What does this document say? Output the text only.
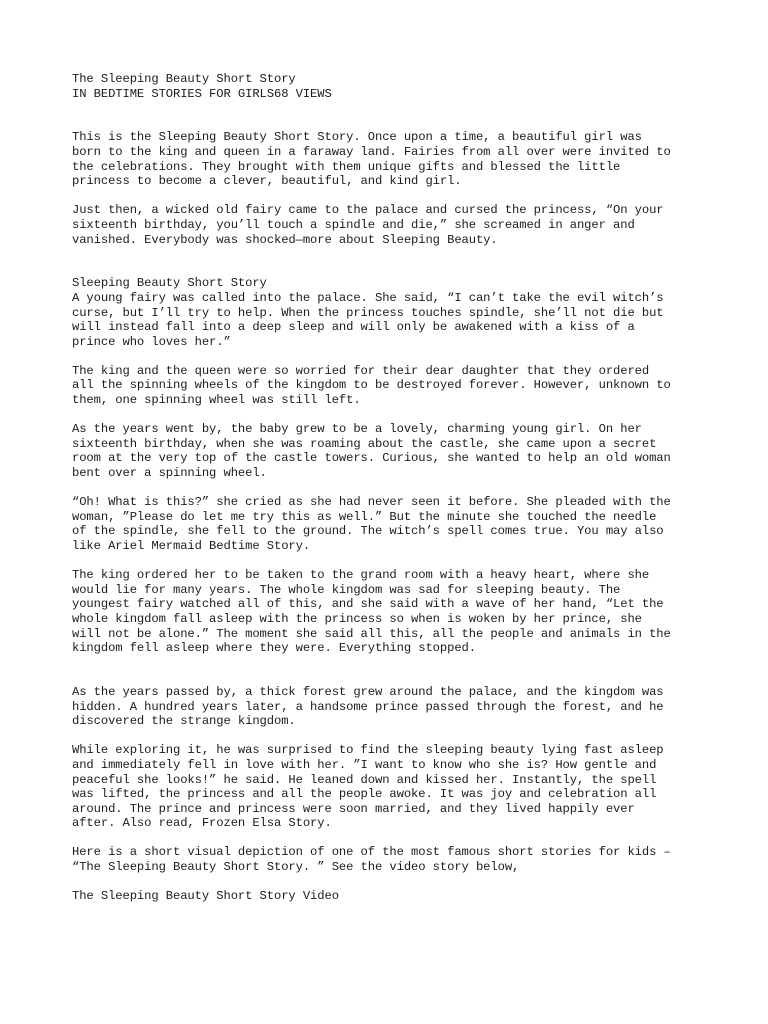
The Sleeping Beauty Short Story
IN BEDTIME STORIES FOR GIRLS68 VIEWS
This is the Sleeping Beauty Short Story. Once upon a time, a beautiful girl was
born to the king and queen in a faraway land. Fairies from all over were invited to
the celebrations. They brought with them unique gifts and blessed the little
princess to become a clever, beautiful, and kind girl.
Just then, a wicked old fairy came to the palace and cursed the princess, “On your
sixteenth birthday, you’ll touch a spindle and die,” she screamed in anger and
vanished. Everybody was shocked—more about Sleeping Beauty.
Sleeping Beauty Short Story
A young fairy was called into the palace. She said, “I can’t take the evil witch’s
curse, but I’ll try to help. When the princess touches spindle, she’ll not die but
will instead fall into a deep sleep and will only be awakened with a kiss of a
prince who loves her.”
The king and the queen were so worried for their dear daughter that they ordered
all the spinning wheels of the kingdom to be destroyed forever. However, unknown to
them, one spinning wheel was still left.
As the years went by, the baby grew to be a lovely, charming young girl. On her
sixteenth birthday, when she was roaming about the castle, she came upon a secret
room at the very top of the castle towers. Curious, she wanted to help an old woman
bent over a spinning wheel.
“Oh! What is this?” she cried as she had never seen it before. She pleaded with the
woman, ”Please do let me try this as well.” But the minute she touched the needle
of the spindle, she fell to the ground. The witch’s spell comes true. You may also
like Ariel Mermaid Bedtime Story.
The king ordered her to be taken to the grand room with a heavy heart, where she
would lie for many years. The whole kingdom was sad for sleeping beauty. The
youngest fairy watched all of this, and she said with a wave of her hand, “Let the
whole kingdom fall asleep with the princess so when is woken by her prince, she
will not be alone.” The moment she said all this, all the people and animals in the
kingdom fell asleep where they were. Everything stopped.
As the years passed by, a thick forest grew around the palace, and the kingdom was
hidden. A hundred years later, a handsome prince passed through the forest, and he
discovered the strange kingdom.
While exploring it, he was surprised to find the sleeping beauty lying fast asleep
and immediately fell in love with her. ”I want to know who she is? How gentle and
peaceful she looks!” he said. He leaned down and kissed her. Instantly, the spell
was lifted, the princess and all the people awoke. It was joy and celebration all
around. The prince and princess were soon married, and they lived happily ever
after. Also read, Frozen Elsa Story.
Here is a short visual depiction of one of the most famous short stories for kids –
“The Sleeping Beauty Short Story. ” See the video story below,
The Sleeping Beauty Short Story Video
